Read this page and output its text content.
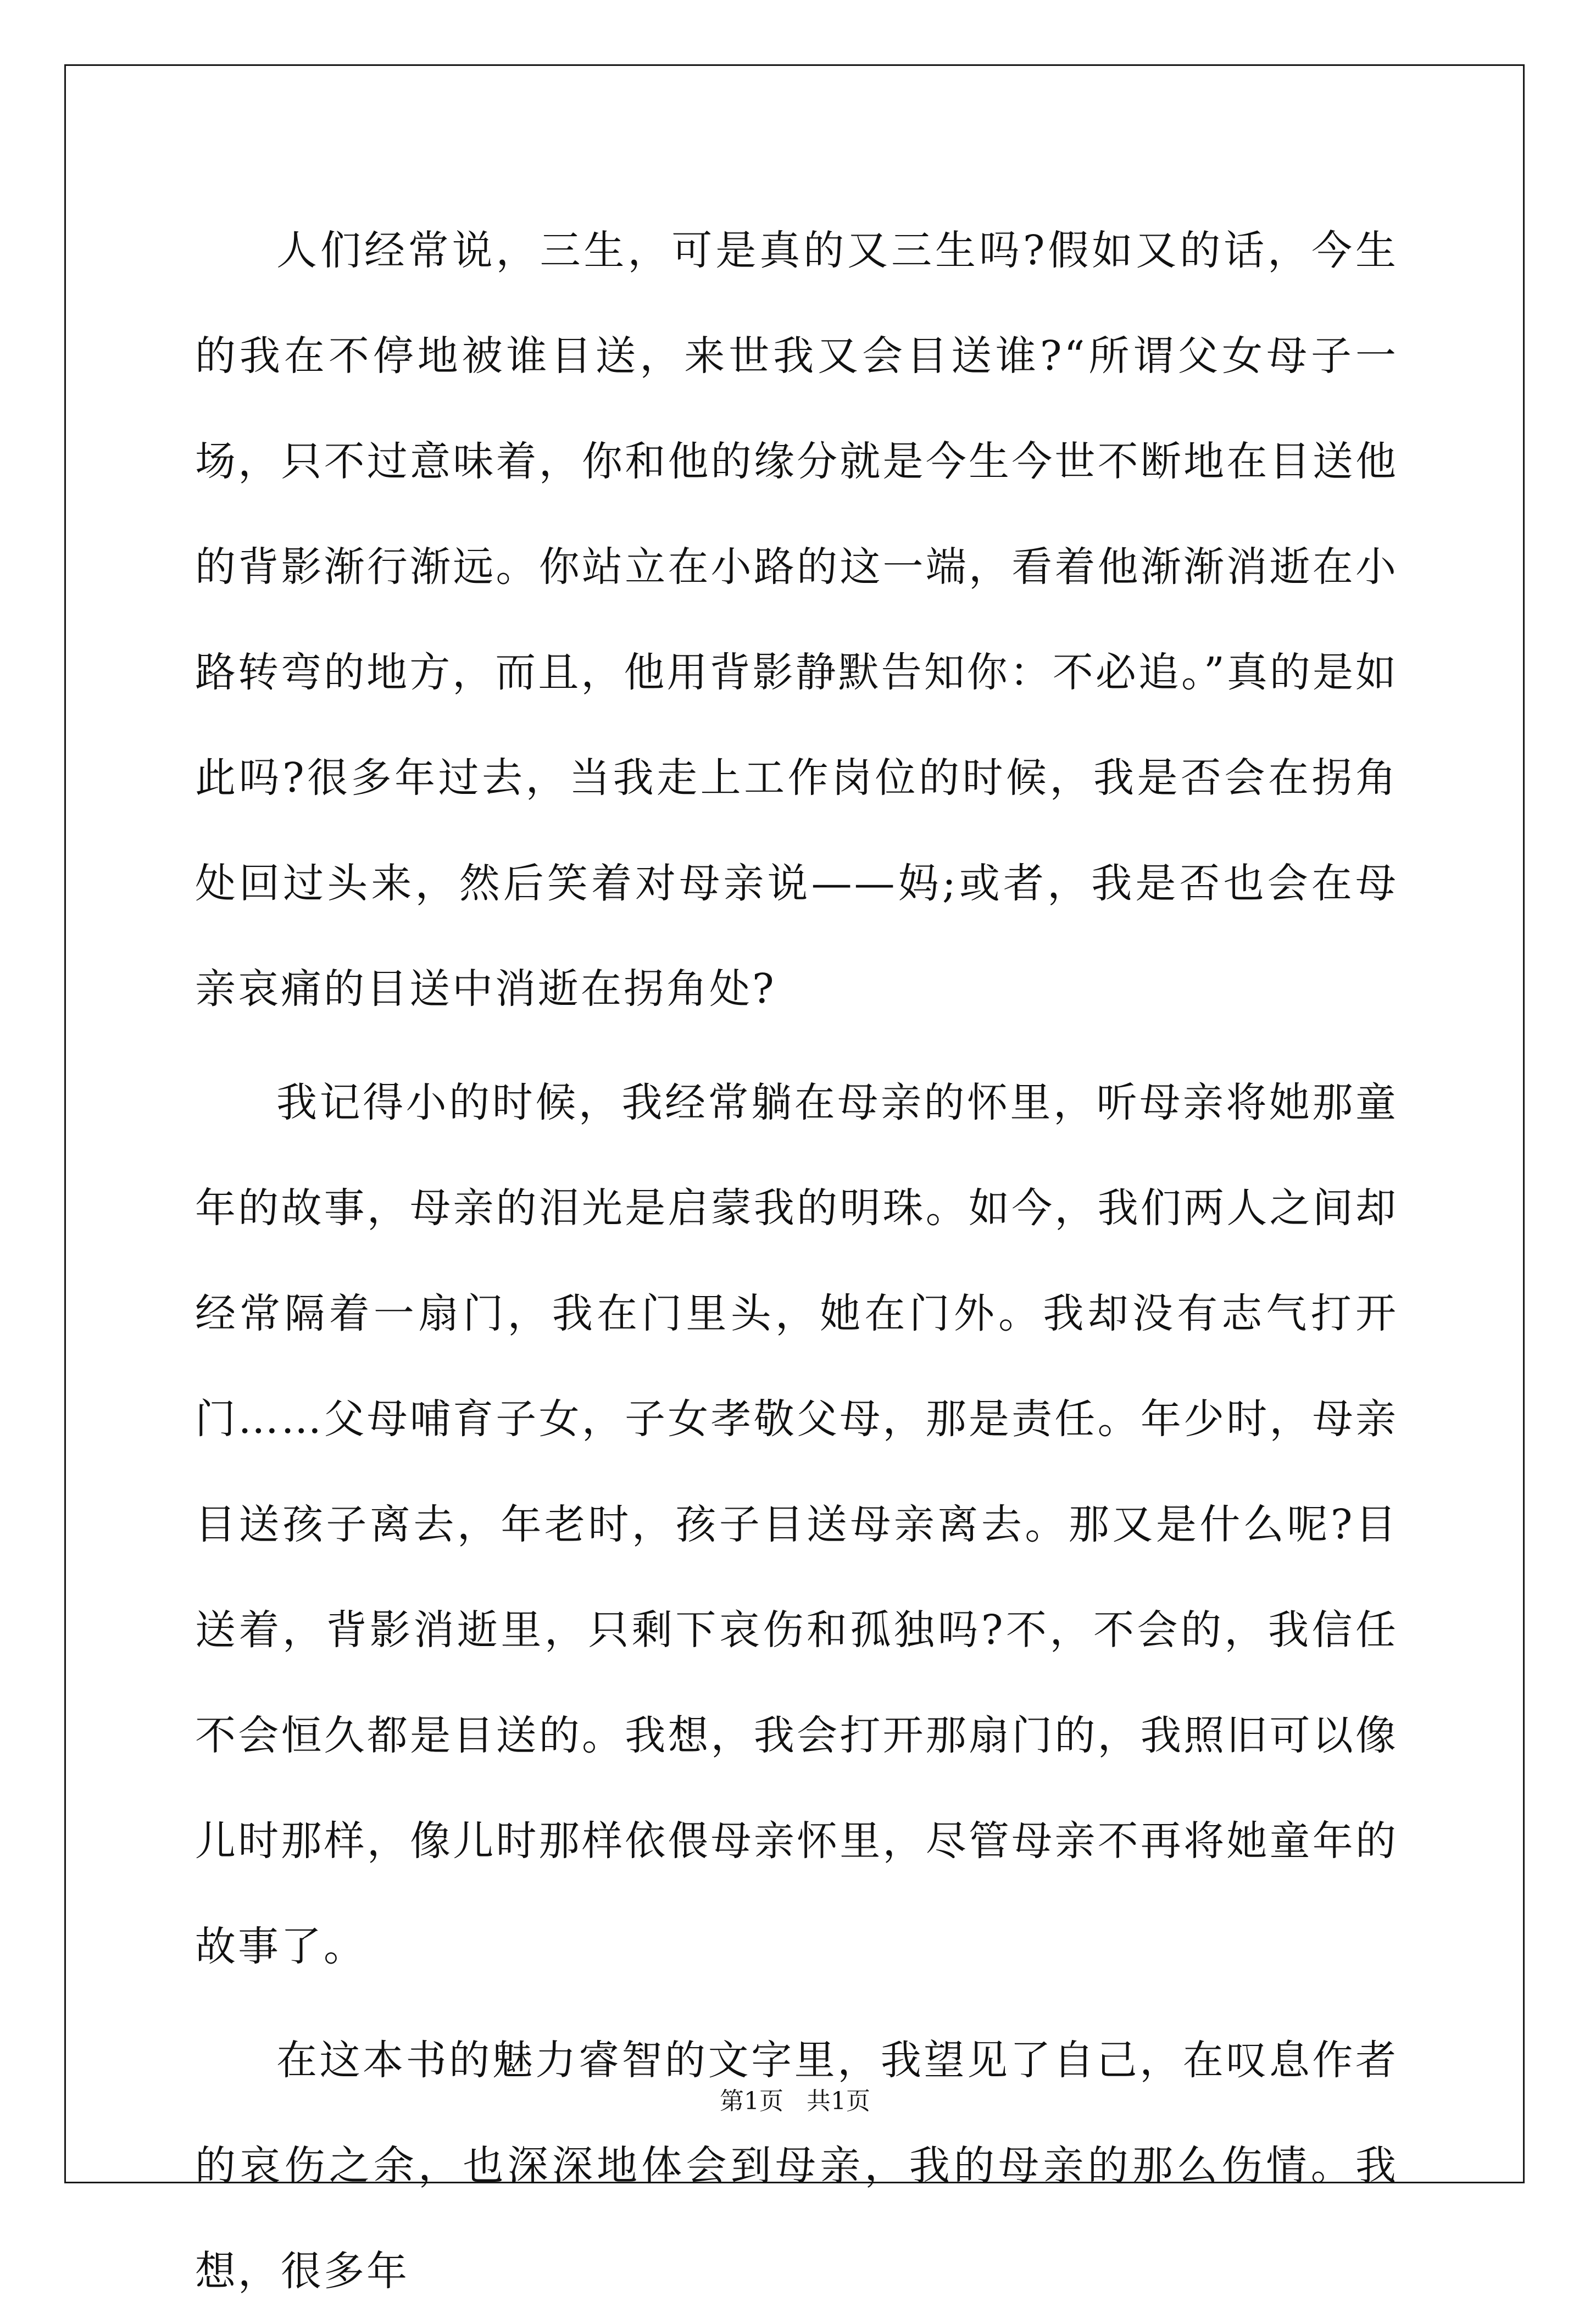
人们经常说，三生，可是真的又三生吗?假如又的话，今生的我在不停地被谁目送，来世我又会目送谁?“所谓父女母子一场，只不过意味着，你和他的缘分就是今生今世不断地在目送他的背影渐行渐远。你站立在小路的这一端，看着他渐渐消逝在小路转弯的地方，而且，他用背影静默告知你：不必追。”真的是如此吗?很多年过去，当我走上工作岗位的时候，我是否会在拐角处回过头来，然后笑着对母亲说——妈;或者，我是否也会在母亲哀痛的目送中消逝在拐角处?

我记得小的时候，我经常躺在母亲的怀里，听母亲将她那童年的故事，母亲的泪光是启蒙我的明珠。如今，我们两人之间却经常隔着一扇门，我在门里头，她在门外。我却没有志气打开门……父母哺育子女，子女孝敬父母，那是责任。年少时，母亲目送孩子离去，年老时，孩子目送母亲离去。那又是什么呢?目送着，背影消逝里，只剩下哀伤和孤独吗?不，不会的，我信任不会恒久都是目送的。我想，我会打开那扇门的，我照旧可以像儿时那样，像儿时那样依偎母亲怀里，尽管母亲不再将她童年的故事了。

在这本书的魅力睿智的文字里，我望见了自己，在叹息作者的哀伤之余，也深深地体会到母亲，我的母亲的那么伤情。我想，很多年

第1页   共1页
